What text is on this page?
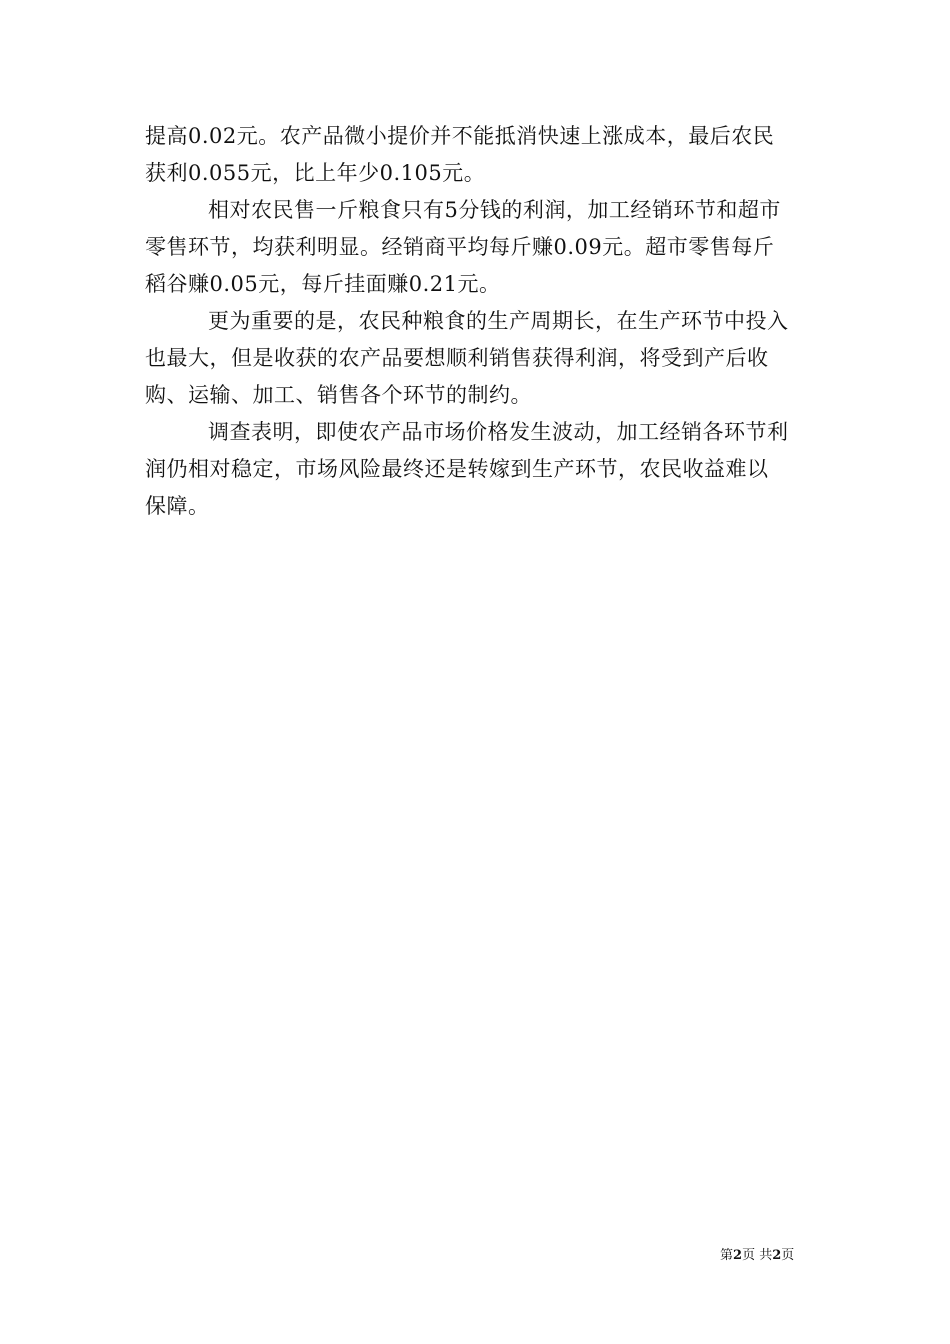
提高0.02元。农产品微小提价并不能抵消快速上涨成本，最后农民
获利0.055元，比上年少0.105元。
相对农民售一斤粮食只有5分钱的利润，加工经销环节和超市
零售环节，均获利明显。经销商平均每斤赚0.09元。超市零售每斤
稻谷赚0.05元，每斤挂面赚0.21元。
更为重要的是，农民种粮食的生产周期长，在生产环节中投入
也最大，但是收获的农产品要想顺利销售获得利润，将受到产后收
购、运输、加工、销售各个环节的制约。
调查表明，即使农产品市场价格发生波动，加工经销各环节利
润仍相对稳定，市场风险最终还是转嫁到生产环节，农民收益难以
保障。
第2页 共2页
